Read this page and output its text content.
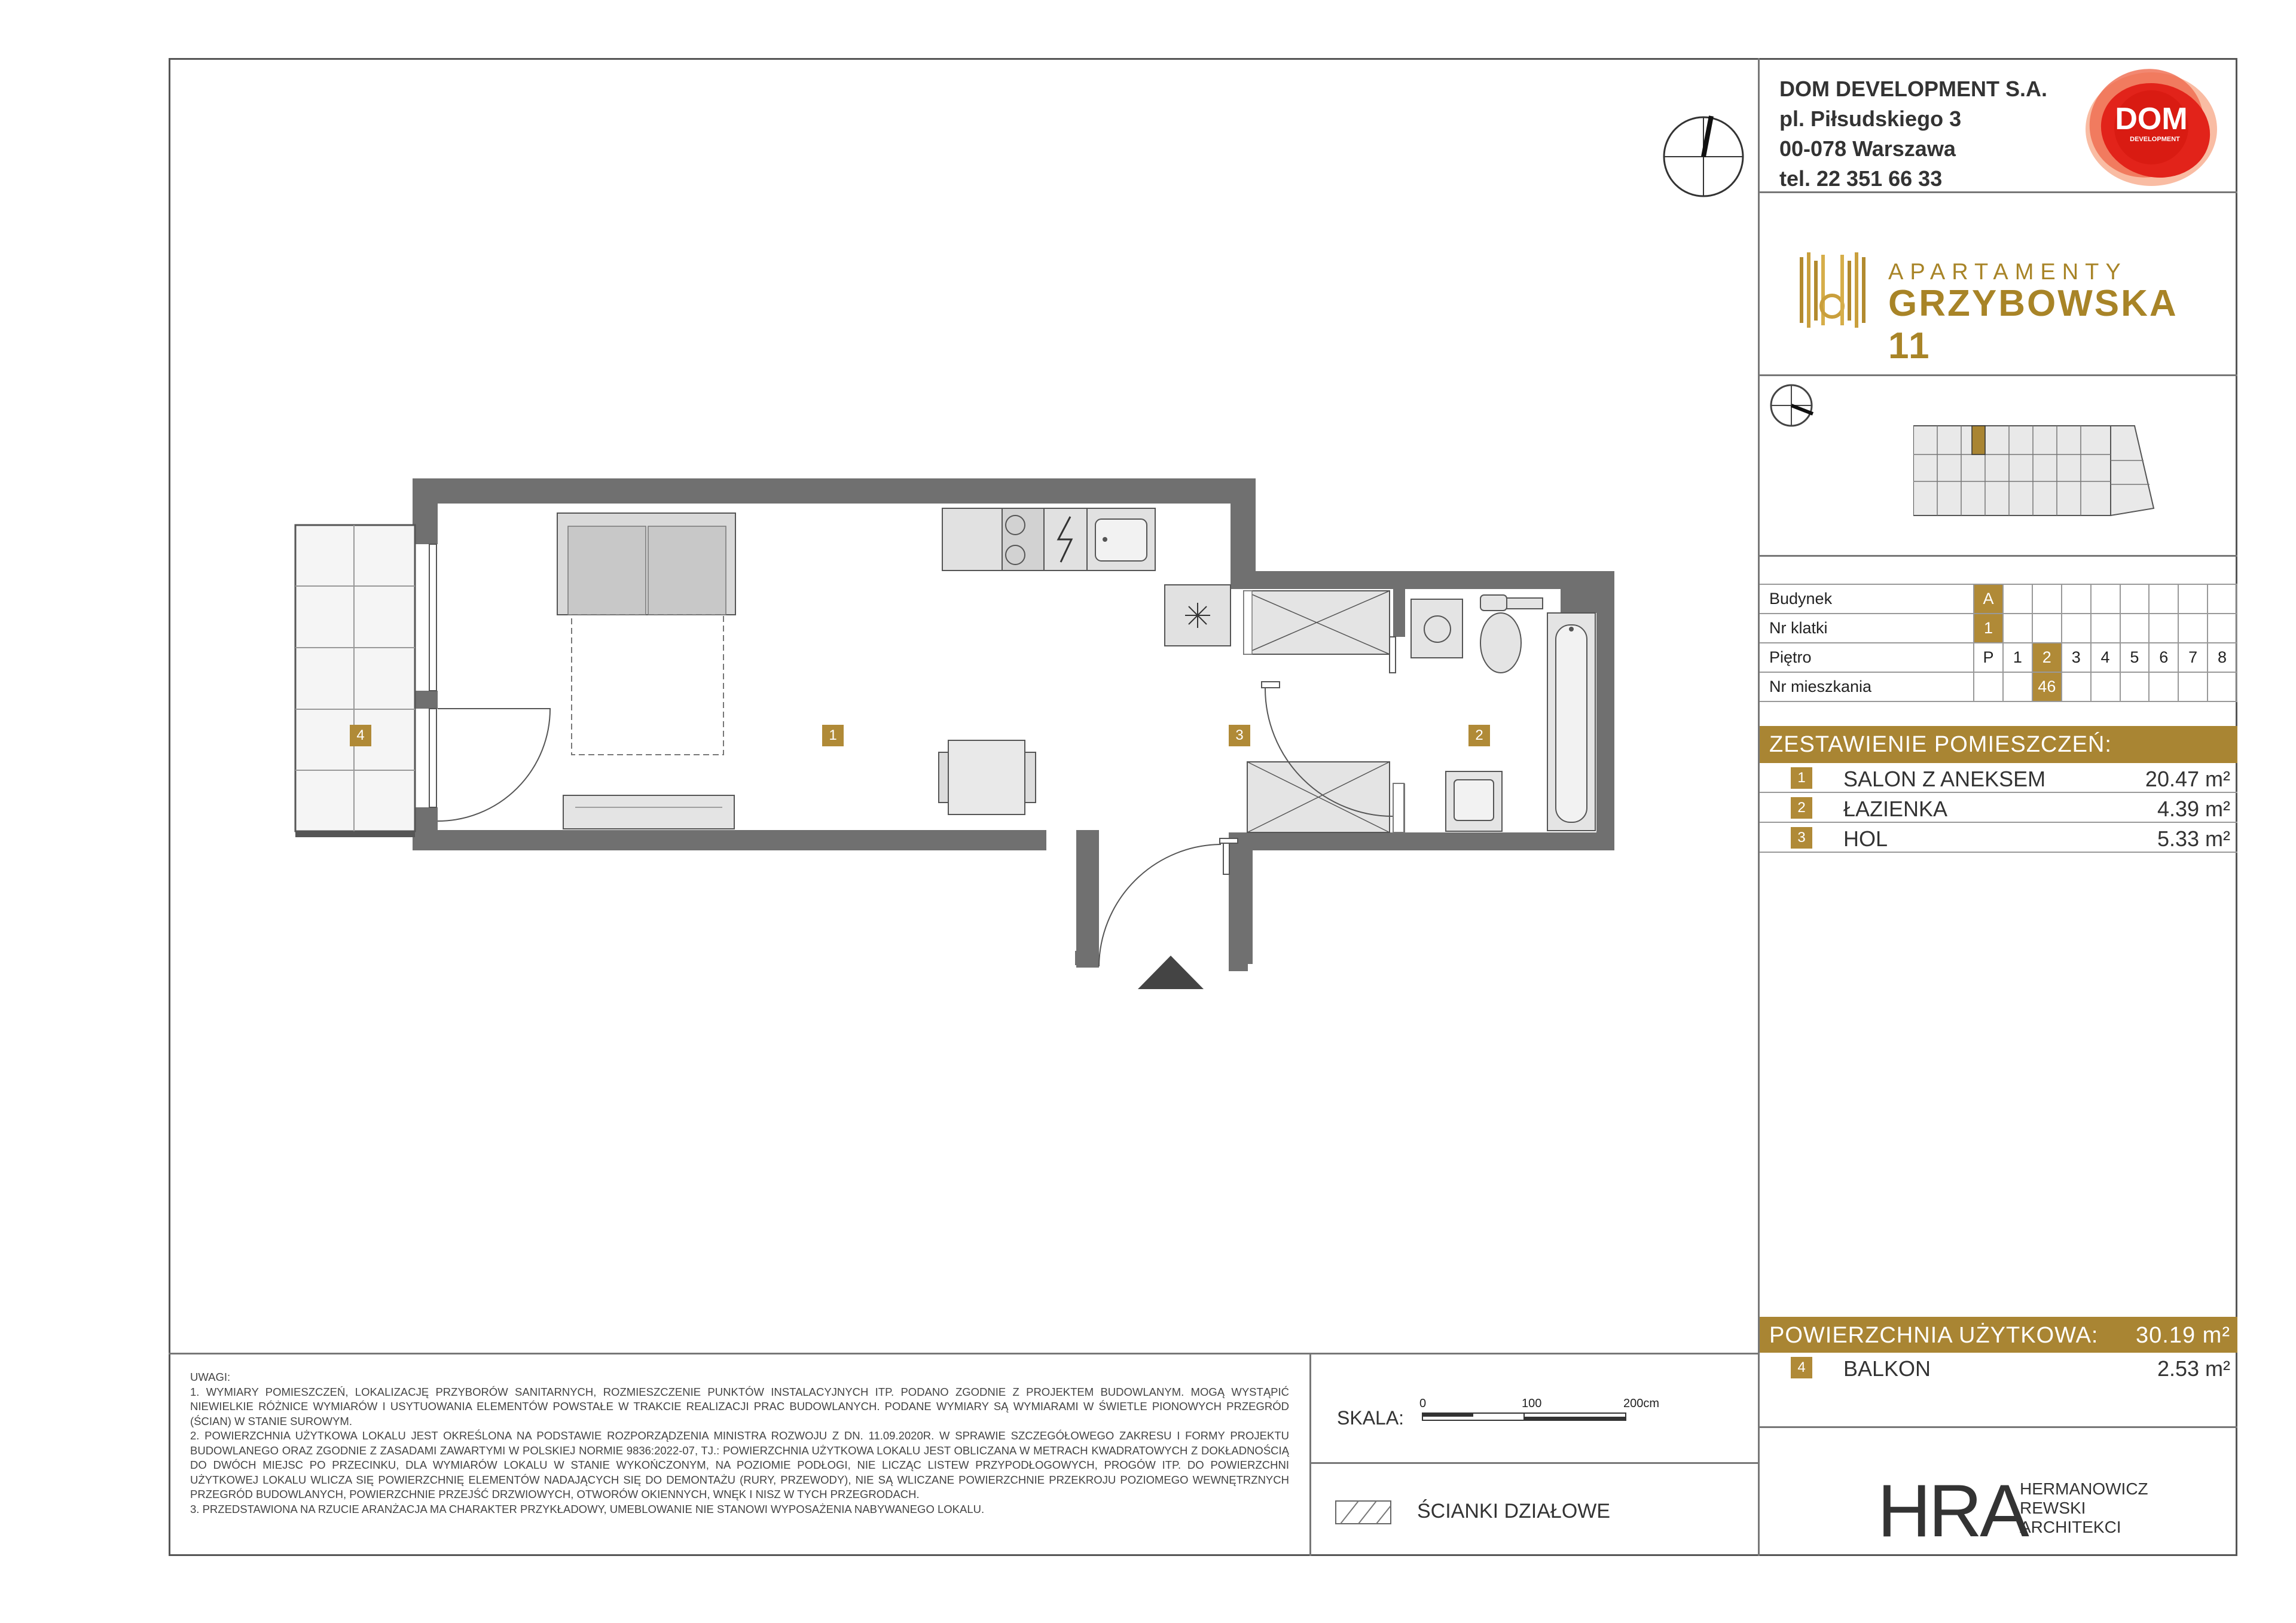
DOM DEVELOPMENT S.A.
pl. Piłsudskiego 3
00-078 Warszawa
tel. 22 351 66 33
DOM
DEVELOPMENT
APARTAMENTY
GRZYBOWSKA 11
Budynek	A								
Nr klatki	1								
Piętro	P	1	2	3	4	5	6	7	8
Nr mieszkania			46						
ZESTAWIENIE POMIESZCZEŃ:
1	SALON Z ANEKSEM	20.47 m²
2	ŁAZIENKA	4.39 m²
3	HOL	5.33 m²
POWIERZCHNIA UŻYTKOWA: 30.19 m²
4	BALKON	2.53 m²
HRA
HERMANOWICZ
REWSKI
ARCHITEKCI

UWAGI:

1. WYMIARY POMIESZCZEŃ, LOKALIZACJĘ PRZYBORÓW SANITARNYCH, ROZMIESZCZENIE PUNKTÓW INSTALACYJNYCH ITP. PODANO ZGODNIE Z PROJEKTEM BUDOWLANYM. MOGĄ WYSTĄPIĆ NIEWIELKIE RÓŻNICE WYMIARÓW I USYTUOWANIA ELEMENTÓW POWSTAŁE W TRAKCIE REALIZACJI PRAC BUDOWLANYCH. PODANE WYMIARY SĄ WYMIARAMI W ŚWIETLE PIONOWYCH PRZEGRÓD (ŚCIAN) W STANIE SUROWYM.

2. POWIERZCHNIA UŻYTKOWA LOKALU JEST OKREŚLONA NA PODSTAWIE ROZPORZĄDZENIA MINISTRA ROZWOJU Z DN. 11.09.2020R. W SPRAWIE SZCZEGÓŁOWEGO ZAKRESU I FORMY PROJEKTU BUDOWLANEGO ORAZ ZGODNIE Z ZASADAMI ZAWARTYMI W POLSKIEJ NORMIE 9836:2022-07, TJ.: POWIERZCHNIA UŻYTKOWA LOKALU JEST OBLICZANA W METRACH KWADRATOWYCH Z DOKŁADNOŚCIĄ DO DWÓCH MIEJSC PO PRZECINKU, DLA WYMIARÓW LOKALU W STANIE WYKOŃCZONYM, NA POZIOMIE PODŁOGI, NIE LICZĄC LISTEW PRZYPODŁOGOWYCH, PROGÓW ITP. DO POWIERZCHNI UŻYTKOWEJ LOKALU WLICZA SIĘ POWIERZCHNIĘ ELEMENTÓW NADAJĄCYCH SIĘ DO DEMONTAŻU (RURY, PRZEWODY), NIE SĄ WLICZANE POWIERZCHNIE PRZEKROJU POZIOMEGO WEWNĘTRZNYCH PRZEGRÓD BUDOWLANYCH, POWIERZCHNIE PRZEJŚĆ DRZWIOWYCH, OTWORÓW OKIENNYCH, WNĘK I NISZ W TYCH PRZEGRODACH.

3. PRZEDSTAWIONA NA RZUCIE ARANŻACJA MA CHARAKTER PRZYKŁADOWY, UMEBLOWANIE NIE STANOWI WYPOSAŻENIA NABYWANEGO LOKALU.

SKALA:
0	100	200cm
ŚCIANKI DZIAŁOWE
4	1	3	2
